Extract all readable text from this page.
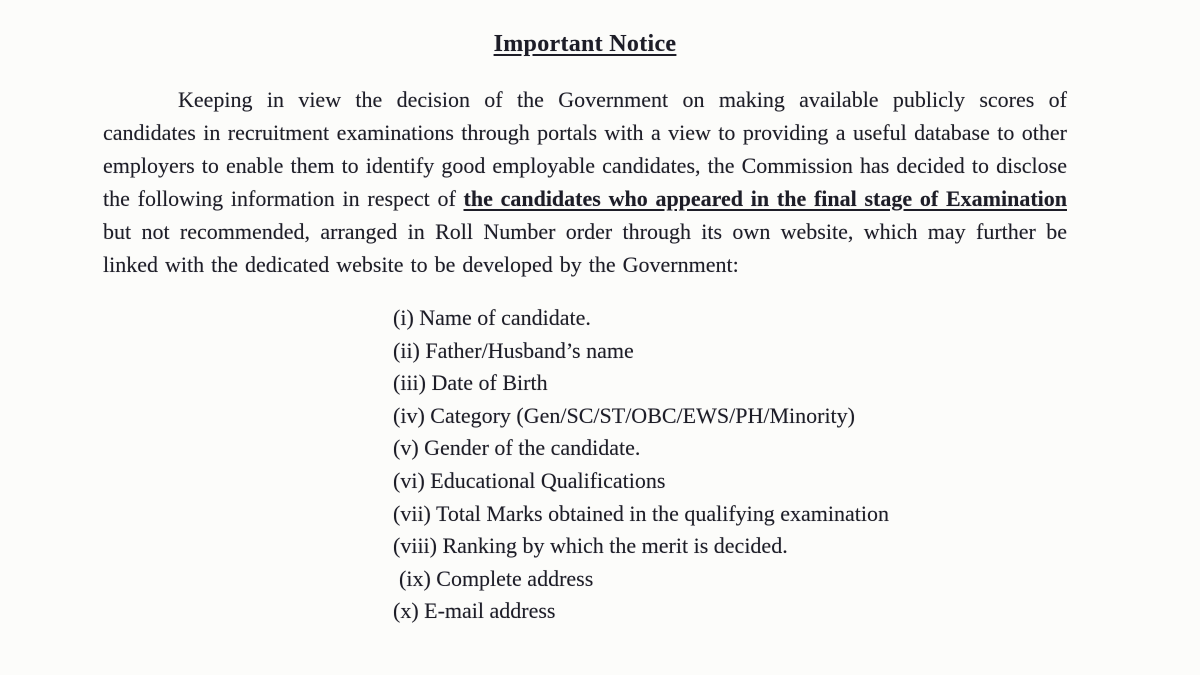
Important Notice

Keeping in view the decision of the Government on making available publicly scores of candidates in recruitment examinations through portals with a view to providing a useful database to other employers to enable them to identify good employable candidates, the Commission has decided to disclose the following information in respect of the candidates who appeared in the final stage of Examination but not recommended, arranged in Roll Number order through its own website, which may further be linked with the dedicated website to be developed by the Government:

(i) Name of candidate.
(ii) Father/Husband’s name
(iii) Date of Birth
(iv) Category (Gen/SC/ST/OBC/EWS/PH/Minority)
(v) Gender of the candidate.
(vi) Educational Qualifications
(vii) Total Marks obtained in the qualifying examination
(viii) Ranking by which the merit is decided.
(ix) Complete address
(x) E-mail address
